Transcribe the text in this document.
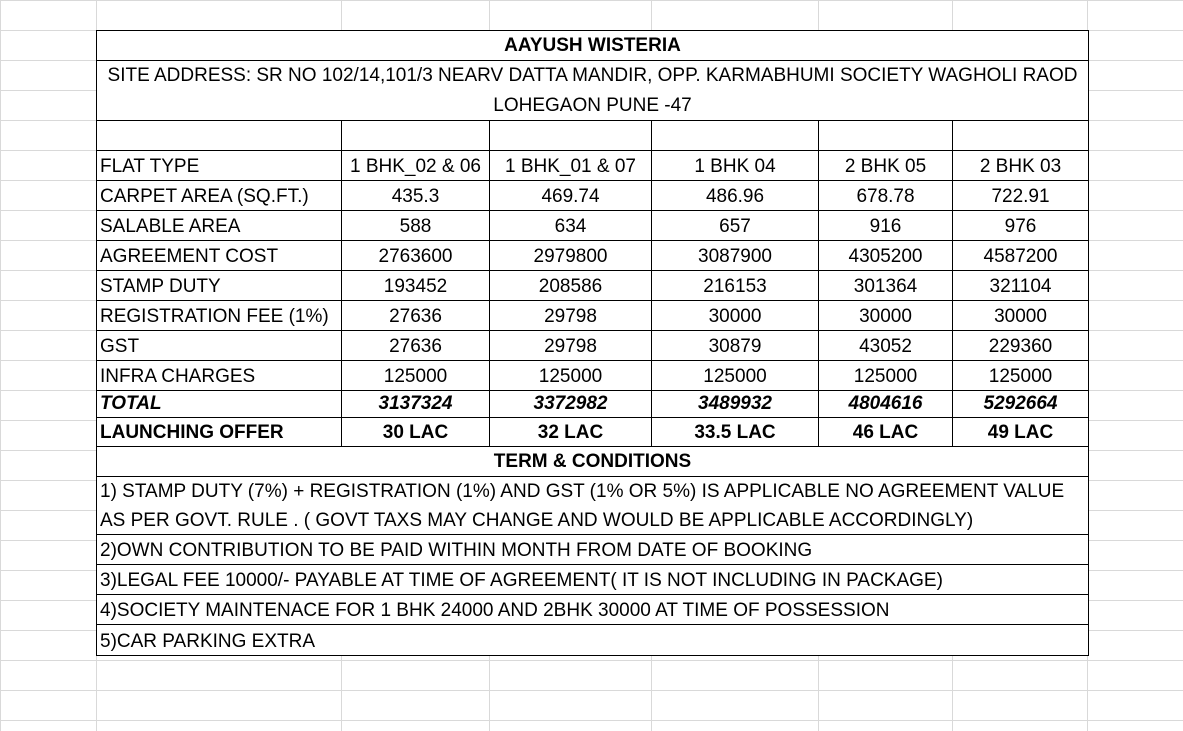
AAYUSH WISTERIA
SITE ADDRESS: SR NO 102/14,101/3 NEARV DATTA MANDIR, OPP. KARMABHUMI SOCIETY WAGHOLI RAOD LOHEGAON PUNE -47
FLAT TYPE	1 BHK_02 & 06	1 BHK_01 & 07	1 BHK 04	2 BHK 05	2 BHK 03
CARPET AREA (SQ.FT.)	435.3	469.74	486.96	678.78	722.91
SALABLE AREA	588	634	657	916	976
AGREEMENT COST	2763600	2979800	3087900	4305200	4587200
STAMP DUTY	193452	208586	216153	301364	321104
REGISTRATION FEE (1%)	27636	29798	30000	30000	30000
GST	27636	29798	30879	43052	229360
INFRA CHARGES	125000	125000	125000	125000	125000
TOTAL	3137324	3372982	3489932	4804616	5292664
LAUNCHING OFFER	30 LAC	32 LAC	33.5 LAC	46 LAC	49 LAC
TERM & CONDITIONS
1) STAMP DUTY (7%) + REGISTRATION (1%) AND GST (1% OR 5%) IS APPLICABLE NO AGREEMENT VALUE AS PER GOVT. RULE . ( GOVT TAXS MAY CHANGE AND WOULD BE APPLICABLE ACCORDINGLY)
2)OWN CONTRIBUTION TO BE PAID WITHIN MONTH FROM DATE OF BOOKING
3)LEGAL FEE 10000/- PAYABLE AT TIME OF AGREEMENT( IT IS NOT INCLUDING IN PACKAGE)
4)SOCIETY MAINTENACE FOR 1 BHK 24000 AND 2BHK 30000 AT TIME OF POSSESSION
5)CAR PARKING EXTRA
